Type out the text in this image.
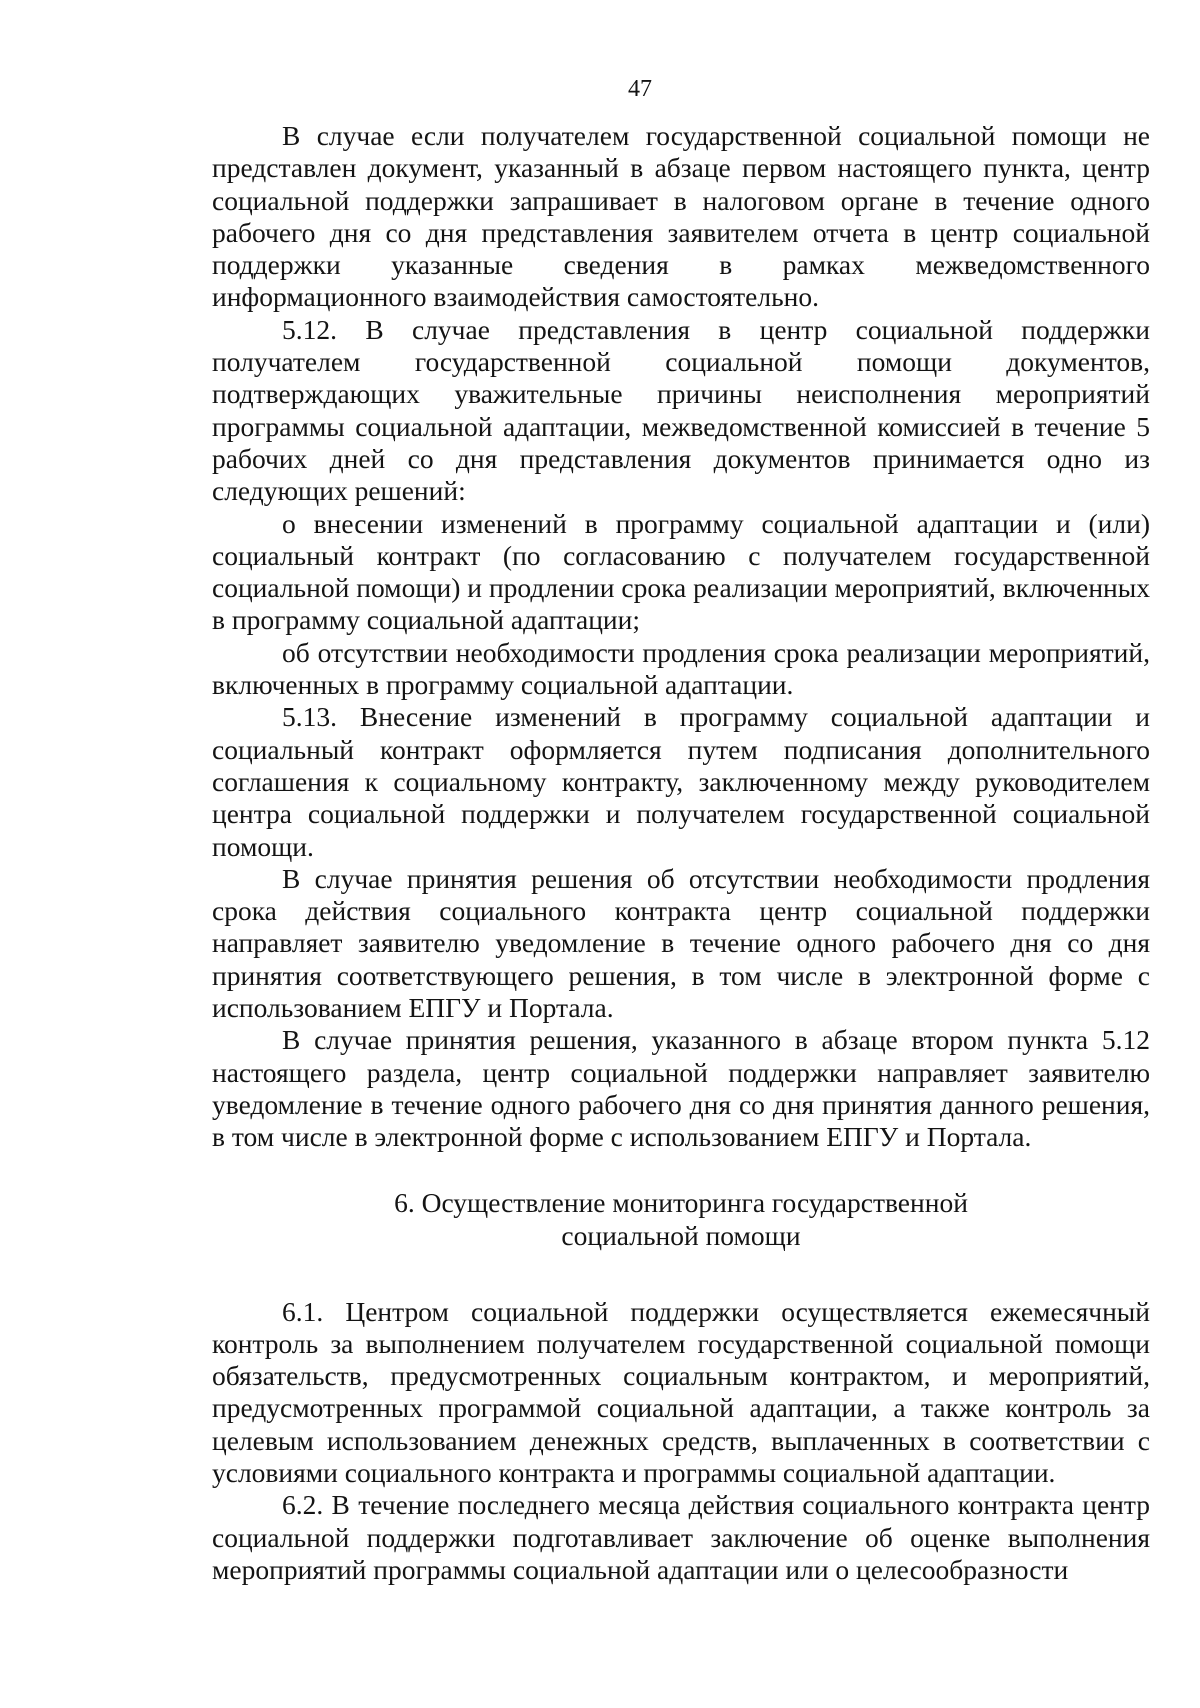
47

В случае если получателем государственной социальной помощи не представлен документ, указанный в абзаце первом настоящего пункта, центр социальной поддержки запрашивает в налоговом органе в течение одного рабочего дня со дня представления заявителем отчета в центр социальной поддержки указанные сведения в рамках межведомственного информационного взаимодействия самостоятельно.

5.12. В случае представления в центр социальной поддержки получателем государственной социальной помощи документов, подтверждающих уважительные причины неисполнения мероприятий программы социальной адаптации, межведомственной комиссией в течение 5 рабочих дней со дня представления документов принимается одно из следующих решений:

о внесении изменений в программу социальной адаптации и (или) социальный контракт (по согласованию с получателем государственной социальной помощи) и продлении срока реализации мероприятий, включенных в программу социальной адаптации;

об отсутствии необходимости продления срока реализации мероприятий, включенных в программу социальной адаптации.

5.13. Внесение изменений в программу социальной адаптации и социальный контракт оформляется путем подписания дополнительного соглашения к социальному контракту, заключенному между руководителем центра социальной поддержки и получателем государственной социальной помощи.

В случае принятия решения об отсутствии необходимости продления срока действия социального контракта центр социальной поддержки направляет заявителю уведомление в течение одного рабочего дня со дня принятия соответствующего решения, в том числе в электронной форме с использованием ЕПГУ и Портала.

В случае принятия решения, указанного в абзаце втором пункта 5.12 настоящего раздела, центр социальной поддержки направляет заявителю уведомление в течение одного рабочего дня со дня принятия данного решения, в том числе в электронной форме с использованием ЕПГУ и Портала.

6. Осуществление мониторинга государственной
социальной помощи

6.1. Центром социальной поддержки осуществляется ежемесячный контроль за выполнением получателем государственной социальной помощи обязательств, предусмотренных социальным контрактом, и мероприятий, предусмотренных программой социальной адаптации, а также контроль за целевым использованием денежных средств, выплаченных в соответствии с условиями социального контракта и программы социальной адаптации.

6.2. В течение последнего месяца действия социального контракта центр социальной поддержки подготавливает заключение об оценке выполнения мероприятий программы социальной адаптации или о целесообразности
